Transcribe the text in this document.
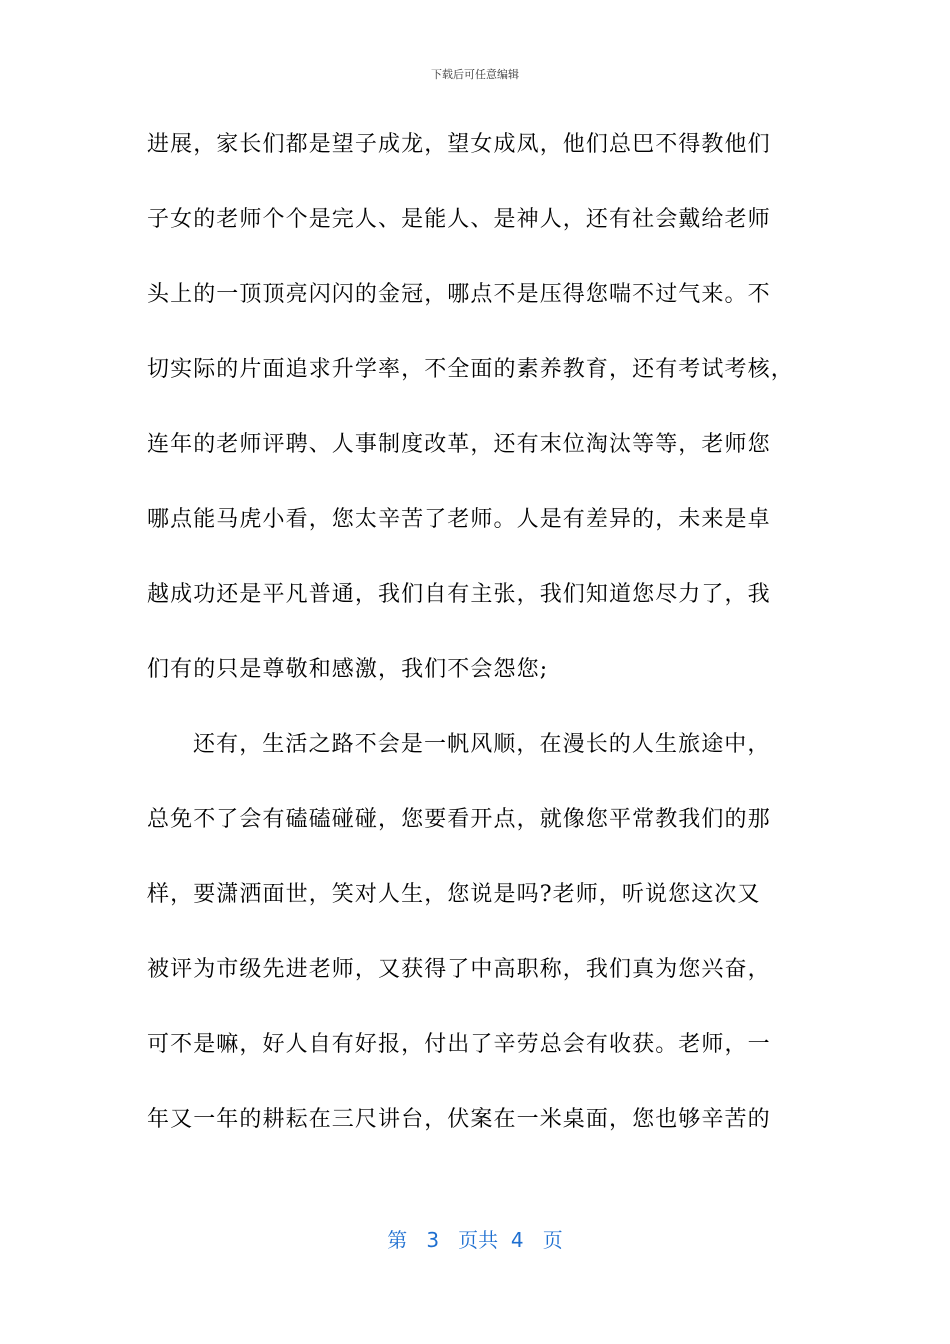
下载后可任意编辑
进展，家长们都是望子成龙，望女成凤，他们总巴不得教他们
子女的老师个个是完人、是能人、是神人，还有社会戴给老师
头上的一顶顶亮闪闪的金冠，哪点不是压得您喘不过气来。不
切实际的片面追求升学率，不全面的素养教育，还有考试考核，
连年的老师评聘、人事制度改革，还有末位淘汰等等，老师您
哪点能马虎小看，您太辛苦了老师。人是有差异的，未来是卓
越成功还是平凡普通，我们自有主张，我们知道您尽力了，我
们有的只是尊敬和感激，我们不会怨您;
还有，生活之路不会是一帆风顺，在漫长的人生旅途中，
总免不了会有磕磕碰碰，您要看开点，就像您平常教我们的那
样，要潇洒面世，笑对人生，您说是吗?老师，听说您这次又
被评为市级先进老师，又获得了中高职称，我们真为您兴奋，
可不是嘛，好人自有好报，付出了辛劳总会有收获。老师，一
年又一年的耕耘在三尺讲台，伏案在一米桌面，您也够辛苦的
第 3 页共 4 页
